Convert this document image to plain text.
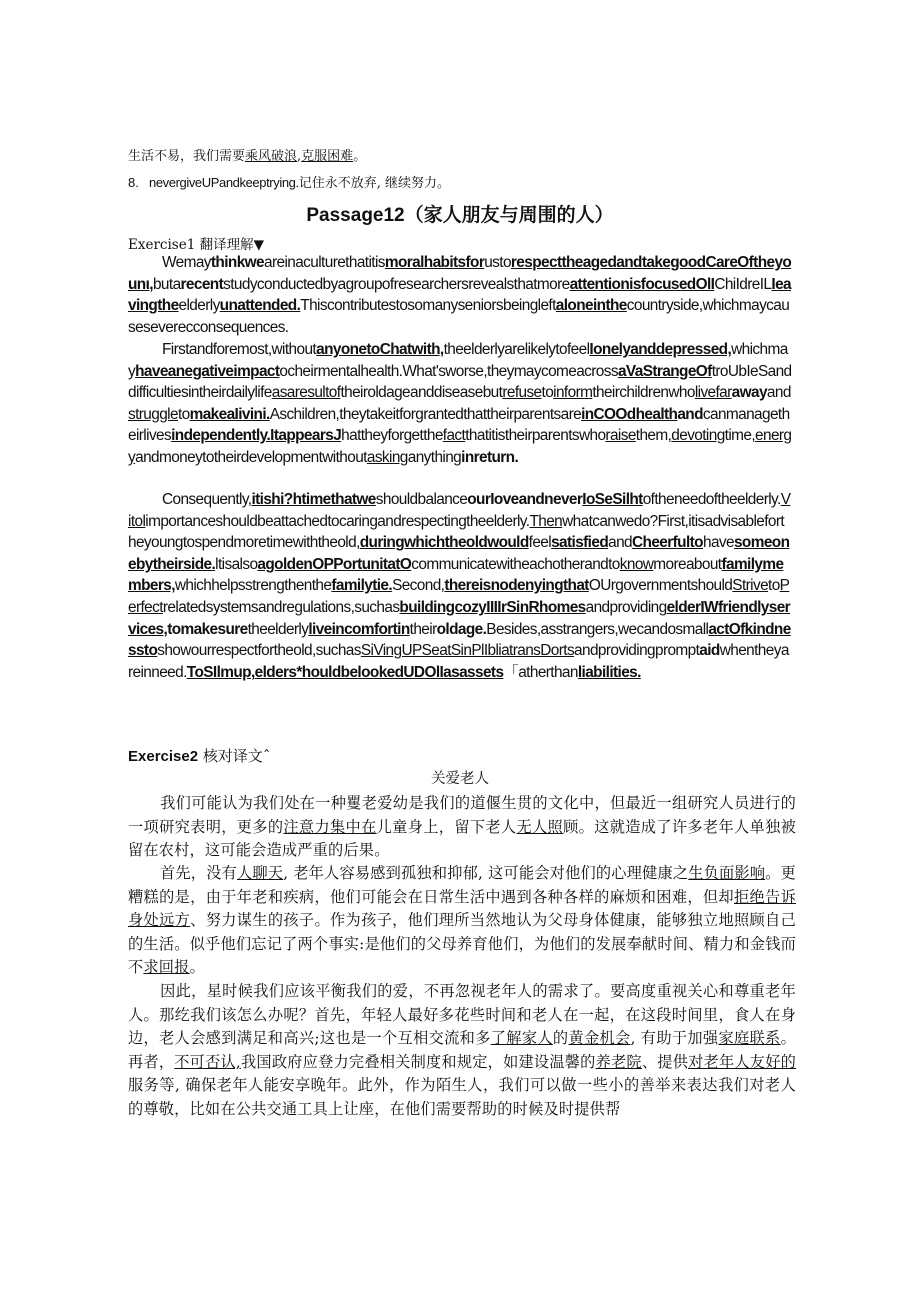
生活不易，我们需要乘风破浪,克服困难。
8. nevergiveUPandkeeptrying.记住永不放弃, 继续努力。
Passage12（家人朋友与周围的人）
Exercise1 翻译理解▼
WemaythinkweareinaculturethatitismoralhabitsforustorespecttheagedandtakegoodCareOftheyounι,butarecentstudyconductedbyagroupofresearchersrevealsthatmoreattentionisfocusedOlIChiIdreILIeavingtheelderlyunattended.Thiscontributestosomanyseniorsbeingleftaloneinthecountryside,whichmaycauseseverecconsequences.
Firstandforemost,withoutanyonetoChatwith,theelderlyarelikelytofeelIonelyanddepressed,whichmayhaveanegativeimpactocheirmentalhealth.What'sworse,theymaycomeacrossaVaStrangeOftroUbIeSanddifficultiesintheirdailylifeasaresultoftheiroldageanddiseasebutrefusetoinformtheirchildrenwholivefarawayandstruggletomakeaIivini.Aschildren,theytakeitforgrantedthattheirparentsareinCOOdhealthandcanmanagetheirlivesindependently.ItappearsJhattheyforgetthefactthatitistheirparentswhoraisethem,devotingtime,energyandmoneytotheirdevelopmentwithoutaskinganythinginreturn.
Consequently,itishi?htimethatweshouldbalanceourIoveandneverIoSeSilhtoftheneedoftheelderly.Vitolimportanceshouldbeattachedtocaringandrespectingtheelderly.Thenwhatcanwedo?First,itisadvisablefortheyoungtospendmoretimewiththeold,duringwhichtheoldwouldfeelsatisfiedandCheerfultohavesomeonebytheirside.ltisalsoagoldenOPPortunitatOcommunicatewitheachotherandtoknowmoreaboutfamilymembers,whichhelpsstrengthenthefamilytie.Second,thereisnodenyingthatOUrgovernmentshouldStrivetoPerfectrelatedsystemsandregulations,suchasbuildingcozyIIIIrSinRhomesandprovidingelderIWfriendlyservices,tomakesuretheelderlyliveincomfortintheiroldage.Besides,asstrangers,wecandosmallactOfkindnesstoshowourrespectfortheold,suchasSiVingUPSeatSinPlIbliatransDortsandprovidingpromptaidwhentheyareinneed.ToSIlmup,elders*houldbelookedUDOlIasassets「atherthanliabilities.
Exercise2 核对译文ˆ
关爱老人
我们可能认为我们处在一种矍老爱幼是我们的道偃生贯的文化中，但最近一组研究人员进行的一项研究表明，更多的注意力集中在儿童身上，留下老人无人照顾。这就造成了许多老年人单独被留在农村，这可能会造成严重的后果。
首先，没有人聊天, 老年人容易感到孤独和抑郁, 这可能会对他们的心理健康之生负面影响。更糟糕的是，由于年老和疾病，他们可能会在日常生活中遇到各种各样的麻烦和困难，但却拒绝告诉身处远方、努力谋生的孩子。作为孩子，他们理所当然地认为父母身体健康，能够独立地照顾自己的生活。似乎他们忘记了两个事实:是他们的父母养育他们，为他们的发展奉献时间、精力和金钱而不求回报。
因此，星时候我们应该平衡我们的爱，不再忽视老年人的需求了。要高度重视关心和尊重老年人。那纥我们该怎么办呢？首先，年轻人最好多花些时间和老人在一起，在这段时间里，食人在身边，老人会感到满足和高兴;这也是一个互相交流和多了解家人的黄金机会, 有助于加强家庭联系。再者，不可否认,我国政府应登力完叠相关制度和规定，如建设温馨的养老院、提供对老年人友好的服务等, 确保老年人能安享晚年。此外，作为陌生人，我们可以做一些小的善举来表达我们对老人的尊敬，比如在公共交通工具上让座，在他们需要帮助的时候及时提供帮
